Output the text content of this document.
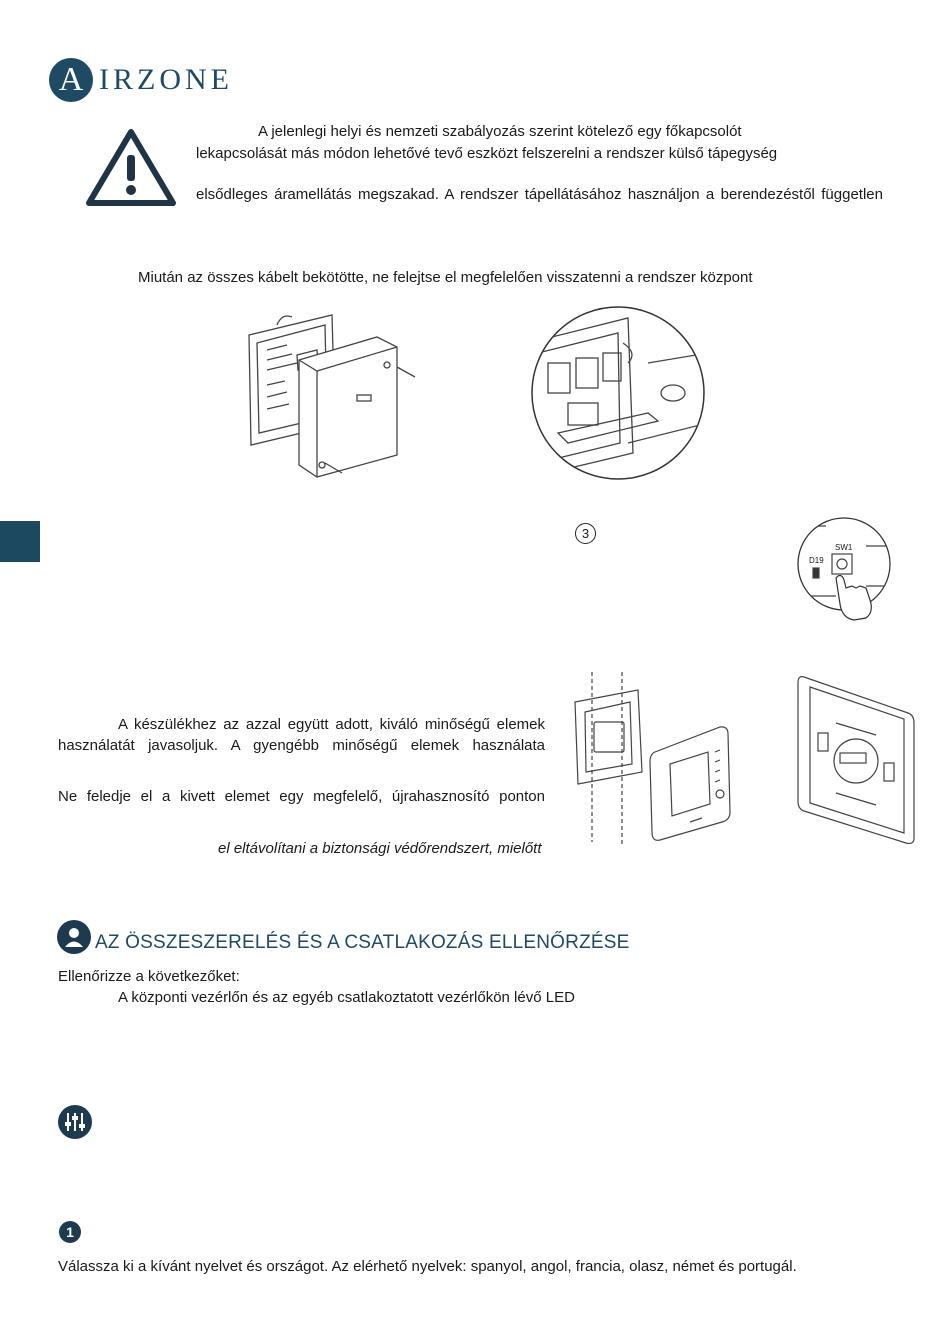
A IRZONE
A jelenlegi helyi és nemzeti szabályozás szerint kötelező egy főkapcsolót
lekapcsolását más módon lehetővé tevő eszközt felszerelni a rendszer külső tápegység
elsődleges áramellátás megszakad. A rendszer tápellátásához használjon a berendezéstől független
Miután az összes kábelt bekötötte, ne felejtse el megfelelően visszatenni a rendszer központ
3
SW1
D19
A készülékhez az azzal együtt adott, kiváló minőségű elemek
használatát javasoljuk. A gyengébb minőségű elemek használata
Ne feledje el a kivett elemet egy megfelelő, újrahasznosító ponton
el eltávolítani a biztonsági védőrendszert, mielőtt
AZ ÖSSZESZERELÉS ÉS A CSATLAKOZÁS ELLENŐRZÉSE
Ellenőrizze a következőket:
A központi vezérlőn és az egyéb csatlakoztatott vezérlőkön lévő LED
1
Válassza ki a kívánt nyelvet és országot. Az elérhető nyelvek: spanyol, angol, francia, olasz, német és portugál.
